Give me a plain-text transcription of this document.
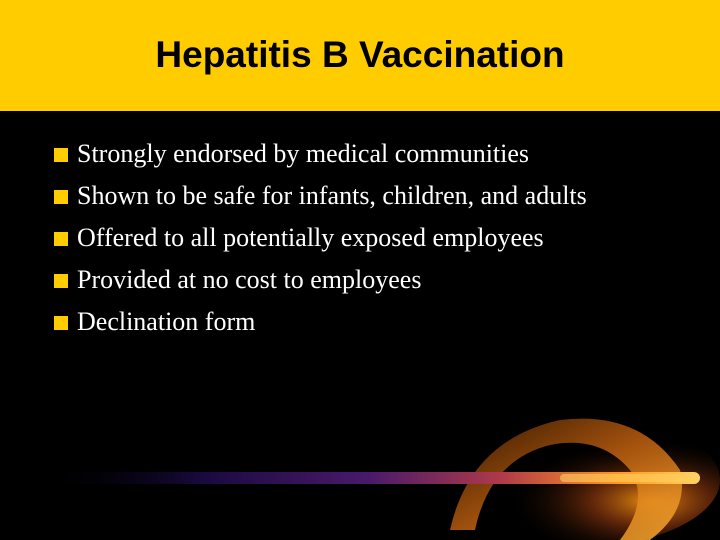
Hepatitis B Vaccination
Strongly endorsed by medical communities
Shown to be safe for infants, children, and adults
Offered to all potentially exposed employees
Provided at no cost to employees
Declination form
